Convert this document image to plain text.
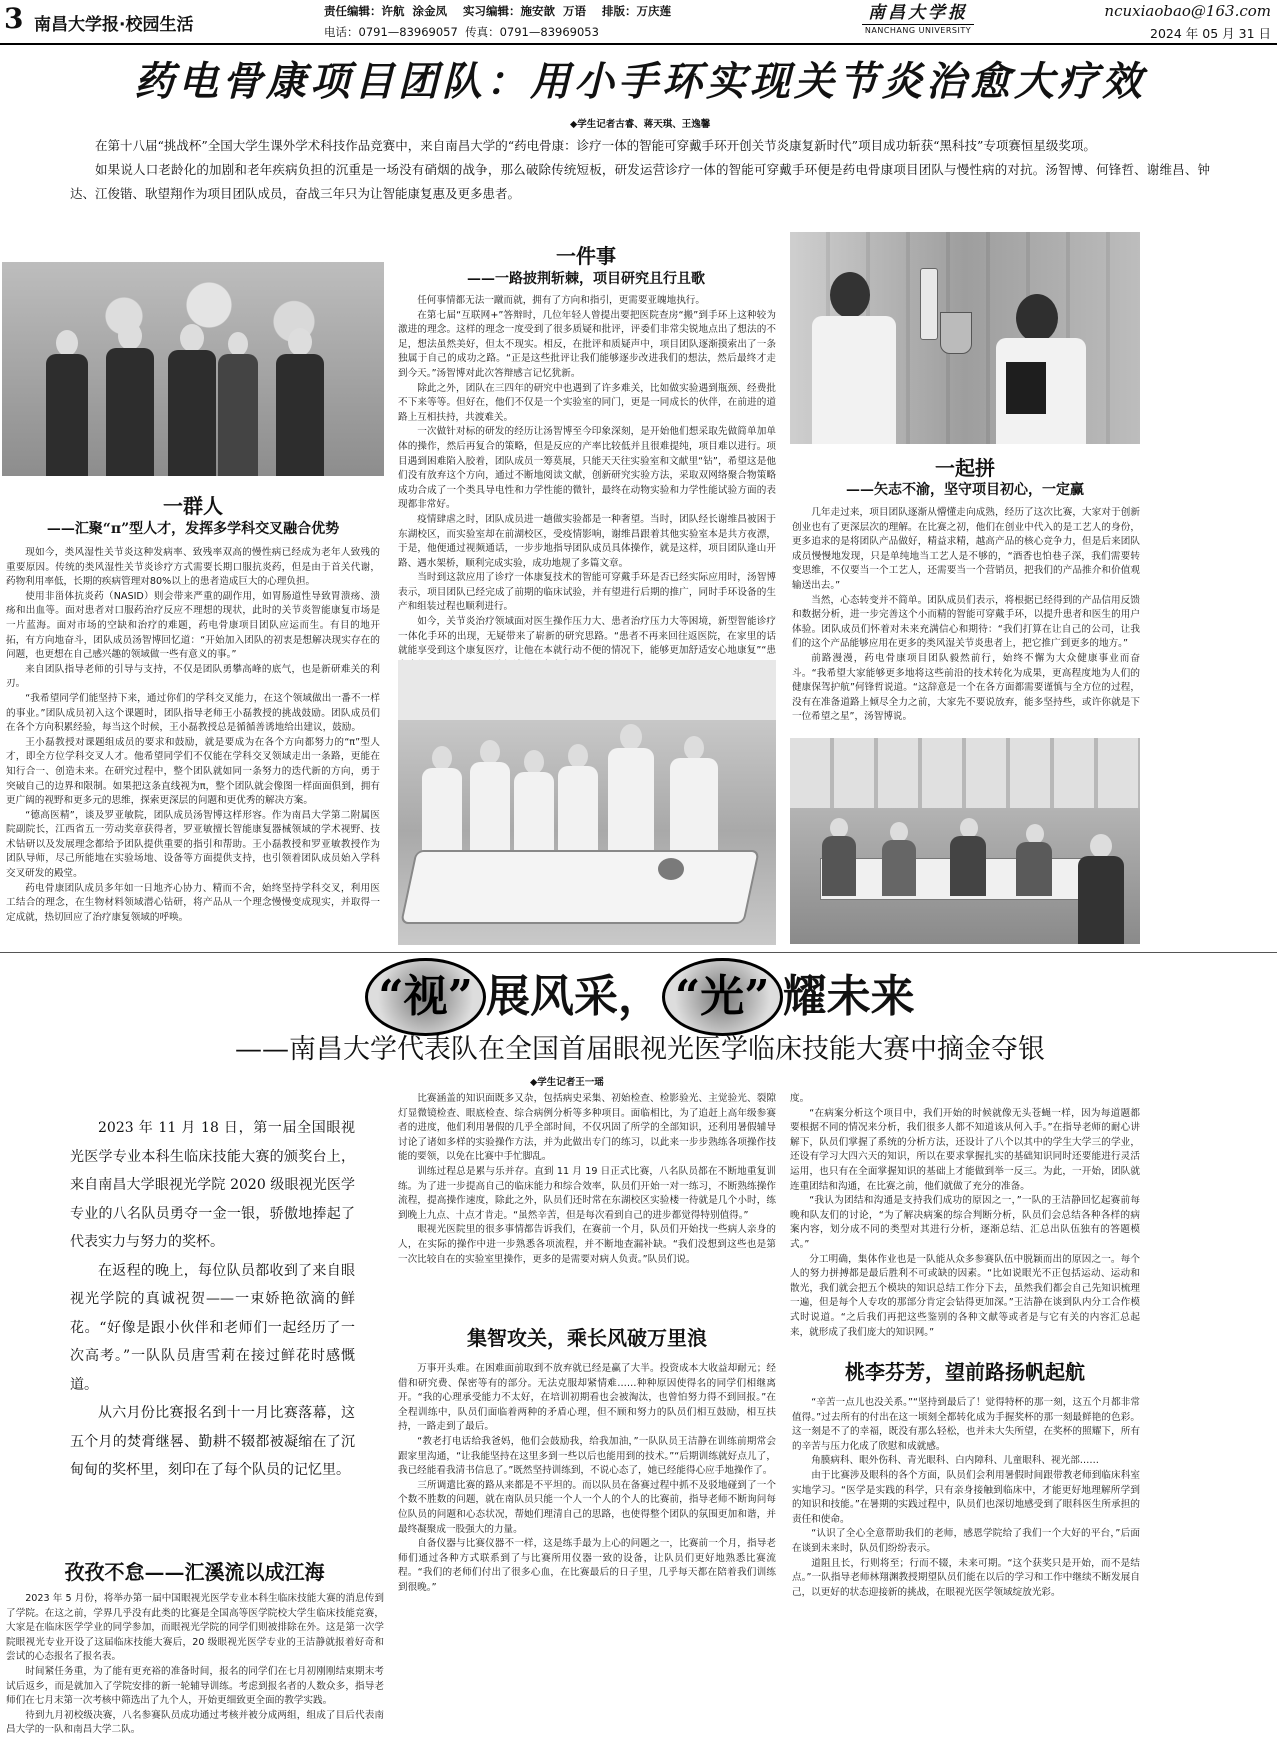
3 南昌大学报·校园生活
责任编辑：许航  涂金凤    实习编辑：施安歆  万语    排版：万庆莲
电话：0791—83969057  传真：0791—83969053
南昌大学报
NANCHANG UNIVERSITY
ncuxiaobao@163.com
2024 年 05 月 31 日
药电骨康项目团队：用小手环实现关节炎治愈大疗效
◆学生记者古睿、蒋天琪、王逸馨

在第十八届“挑战杯”全国大学生课外学术科技作品竞赛中，来自南昌大学的“药电骨康：诊疗一体的智能可穿戴手环开创关节炎康复新时代”项目成功斩获“黑科技”专项赛恒星级奖项。

如果说人口老龄化的加剧和老年疾病负担的沉重是一场没有硝烟的战争，那么破除传统短板，研发运营诊疗一体的智能可穿戴手环便是药电骨康项目团队与慢性病的对抗。汤智博、何锋哲、谢维昌、钟达、江俊锴、耿望翔作为项目团队成员，奋战三年只为让智能康复惠及更多患者。

一群人
——汇聚“π”型人才，发挥多学科交叉融合优势

现如今，类风湿性关节炎这种发病率、致残率双高的慢性病已经成为老年人致残的重要原因。传统的类风湿性关节炎诊疗方式需要长期口服抗炎药，但是由于首关代谢，药物利用率低，长期的疾病管理对80%以上的患者造成巨大的心理负担。

使用非甾体抗炎药（NASID）则会带来严重的副作用，如胃肠道性导致胃溃疡、溃疡和出血等。面对患者对口服药治疗反应不理想的现状，此时的关节炎智能康复市场是一片蓝海。面对市场的空缺和治疗的难题，药电骨康项目团队应运而生。有目的地开拓，有方向地奋斗，团队成员汤智博回忆道：“开始加入团队的初衷是想解决现实存在的问题，也更想在自己感兴趣的领域做一些有意义的事。”

来自团队指导老师的引导与支持，不仅是团队勇攀高峰的底气，也是新研难关的利刃。

“我希望同学们能坚持下来，通过你们的学科交叉能力，在这个领域做出一番不一样的事业。”团队成员初入这个课题时，团队指导老师王小磊教授的挑战鼓励。团队成员们在各个方向积累经验，每当这个时候，王小磊教授总是循循善诱地给出建议，鼓励。

王小磊教授对课题组成员的要求和鼓励，就是要成为在各个方向都努力的“π”型人才，即全方位学科交叉人才。他希望同学们不仅能在学科交叉领域走出一条路，更能在知行合一、创造未来。在研究过程中，整个团队就如同一条努力的迭代新的方向，勇于突破自己的边界和限制。如果把这条直线视为π，整个团队就会像图一样面面俱到，拥有更广阔的视野和更多元的思维，探索更深层的问题和更优秀的解决方案。

“德高医精”，谈及罗亚敏院，团队成员汤智博这样形容。作为南昌大学第二附属医院副院长，江西省五一劳动奖章获得者，罗亚敏擅长智能康复器械领域的学术视野、技术钻研以及发展理念都给予团队提供重要的指引和帮助。王小磊教授和罗亚敏教授作为团队导师，尽己所能地在实验场地、设备等方面提供支持，也引领着团队成员始入学科交叉研发的殿堂。

药电骨康团队成员多年如一日地齐心协力、精而不舍，始终坚持学科交叉，利用医工结合的理念，在生物材料领域潜心钻研，将产品从一个理念慢慢变成现实，并取得一定成就，热切回应了治疗康复领域的呼唤。

一件事
——一路披荆斩棘，项目研究且行且歌

任何事情都无法一蹴而就，拥有了方向和指引，更需要亚魄地执行。

在第七届“互联网+”答辩时，几位年轻人曾提出要把医院查房“搬”到手环上这种较为激进的理念。这样的理念一度受到了很多质疑和批评，评委们非常尖锐地点出了想法的不足，想法虽然美好，但太不现实。相反，在批评和质疑声中，项目团队逐渐摸索出了一条独属于自己的成功之路。“正是这些批评让我们能够逐步改进我们的想法，然后最终才走到今天。”汤智博对此次答辩感言记忆犹新。

除此之外，团队在三四年的研究中也遇到了许多难关，比如做实验遇到瓶颈、经费批不下来等等。但好在，他们不仅是一个实验室的同门，更是一同成长的伙伴，在前进的道路上互相扶持，共渡难关。

一次做针对标的研发的经历让汤智博至今印象深刻，是开始他们想采取先做简单加单体的操作，然后再复合的策略，但是反应的产率比较低并且很难提纯，项目难以进行。项目遇到困难陷入胶着，团队成员一筹莫展，只能天天往实验室和文献里“钻”，希望这是他们没有放弃这个方向，通过不断地阅读文献，创新研究实验方法，采取双网络聚合物策略成功合成了一个类具导电性和力学性能的微针，最终在动物实验和力学性能试验方面的表现都非常好。

疫情肆虐之时，团队成员进一趟做实验都是一种奢望。当时，团队经长谢维昌被困于东湖校区，而实验室却在前湖校区，受疫情影响，谢维昌跟着其他实验室本是共方夜漂，于是，他便通过视频通话，一步步地指导团队成员具体操作，就是这样，项目团队逢山开路、遇水架桥，顺利完成实验，成功地规了多篇文章。

当时到这款应用了诊疗一体康复技术的智能可穿戴手环是否已经实际应用时，汤智博表示，项目团队已经完成了前期的临床试验，并有望进行后期的推广，同时手环设备的生产和组装过程也顺利进行。

如今，关节炎治疗领域面对医生操作压力大、患者治疗压力大等困境，新型智能诊疗一体化手环的出现，无疑带来了崭新的研究思路。“患者不再来回往返医院，在家里的话就能享受到这个康复医疗，让他在本就行动不便的情况下，能够更加舒适安心地康复”“患

一起拼
——矢志不渝，坚守项目初心，一定赢

几年走过来，项目团队逐渐从懵懂走向成熟，经历了这次比赛，大家对于创新创业也有了更深层次的理解。在比赛之初，他们在创业中代入的是工艺人的身份，更多追求的是将团队产品做好，精益求精，越高产品的核心竞争力，但是后来团队成员慢慢地发现，只是单纯地当工艺人是不够的，“酒香也怕巷子深，我们需要转变思维，不仅要当一个工艺人，还需要当一个营销员，把我们的产品推介和价值观输送出去。”

当然，心态转变并不简单。团队成员们表示，将根据已经得到的产品信用反馈和数据分析，进一步完善这个小而精的智能可穿戴手环，以提升患者和医生的用户体验。团队成员们怀着对未来充满信心和期待：“我们打算在让自己的公司，让我们的这个产品能够应用在更多的类风湿关节炎患者上，把它推广到更多的地方。”

前路漫漫，药电骨康项目团队毅然前行，始终不懈为大众健康事业而奋斗。“我希望大家能够更多地将这些前沿的技术转化为成果，更高程度地为人们的健康保驾护航”何锋哲说道。“这辞意是一个在各方面都需要谨慎与全方位的过程，没有在准备道路上倾尽全力之前，大家先不要说放弃，能多坚持些，或许你就是下一位希望之星”，汤智博说。

“视” 展风采， “光” 耀未来
——南昌大学代表队在全国首届眼视光医学临床技能大赛中摘金夺银
◆学生记者王一瑶

2023 年 11 月 18 日，第一届全国眼视光医学专业本科生临床技能大赛的颁奖台上，来自南昌大学眼视光学院 2020 级眼视光医学专业的八名队员勇夺一金一银，骄傲地捧起了代表实力与努力的奖杯。

在返程的晚上，每位队员都收到了来自眼视光学院的真诚祝贺——一束娇艳欲滴的鲜花。“好像是跟小伙伴和老师们一起经历了一次高考。”一队队员唐雪莉在接过鲜花时感慨道。

从六月份比赛报名到十一月比赛落幕，这五个月的焚膏继晷、勤耕不辍都被凝缩在了沉甸甸的奖杯里，刻印在了每个队员的记忆里。

孜孜不怠——汇溪流以成江海

2023 年 5 月份，将举办第一届中国眼视光医学专业本科生临床技能大赛的消息传到了学院。在这之前，学界几乎没有此类的比赛是全国高等医学院校大学生临床技能竞赛，大家是在临床医学学业的同学参加，而眼视光学院的同学们则被排除在外。这是第一次学院眼视光专业开设了这届临床技能大赛后，20 级眼视光医学专业的王洁静就报着好奇和尝试的心态报名了报名表。

时间紧任务重，为了能有更充裕的准备时间，报名的同学们在七月初刚刚结束期末考试后返乡，而是就加入了学院安排的新一轮辅导训练。考虑到报名者的人数众多，指导老师们在七月末第一次考核中筛选出了九个人，开始更细致更全面的教学实践。

待到九月初校级决赛，八名参赛队员成功通过考核并被分成两组，组成了目后代表南昌大学的一队和南昌大学二队。

比赛涵盖的知识面既多又杂，包括病史采集、初始检查、检影验光、主觉验光、裂隙灯显微镜检查、眼底检查、综合病例分析等多种项目。面临相比，为了追赶上高年级参赛者的进度，他们利用暑假的几乎全部时间，不仅巩固了所学的全部知识，还利用暑假辅导讨论了诸如多样的实验操作方法，并为此做出专门的练习，以此来一步步熟练各项操作技能的要领，以免在比赛中手忙脚乱。

训练过程总是累与乐并存。直到 11 月 19 日正式比赛，八名队员都在不断地重复训练。为了进一步提高自己的临床能力和综合效率，队员们开始一对一练习，不断熟练操作流程，提高操作速度，除此之外，队员们还时常在东湖校区实验楼一待就是几个小时，练到晚上九点、十点才肯走。“虽然辛苦，但是每次看到自己的进步都觉得特别值得。”

眼视光医院里的很多事情都告诉我们，在赛前一个月，队员们开始找一些病人亲身的人，在实际的操作中进一步熟悉各项流程，并不断地查漏补缺。“我们没想到这些也是第一次比较自在的实验室里操作，更多的是需要对病人负责。”队员们说。

集智攻关，乘长风破万里浪

万事开头难。在困难面前取到不放弃就已经是赢了大半。投资成本大收益却耐元；经借和研究费、保密等有的部分。无法克服却紧情难……种种原因使得名的同学们相继离开。“我的心理承受能力不太好，在培训初期看也会被淘汰，也曾怕努力得不到回报。”在全程训练中，队员们面临着两种的矛盾心理，但不顾和努力的队员们相互鼓励，相互扶持，一路走到了最后。

“教老打电话给我爸妈，他们会鼓励我，给我加油，”一队队员王洁静在训练前期常会跟家里沟通，“让我能坚持在这里多到一些以后也能用到的技术。”“后期训练就好点儿了，我已经能看我清书信息了。”既然坚持训练到，不说心态了，她已经能得心应手地操作了。

三所调遣比赛的路从来都是不平坦的。而以队员在备赛过程中抓不及驳地碰到了一个个数不胜数的问题，就在南队员只能一个人一个人的个人的比赛前，指导老师不断询问每位队员的问题和心态状况，帮她们理清自己的思路，也使得整个团队的氛围更加和谐，并最终凝聚成一股强大的力量。

自备仪器与比赛仪器不一样，这是练手最为上心的问题之一，比赛前一个月，指导老师们通过各种方式联系到了与比赛所用仪器一致的设备，让队员们更好地熟悉比赛流程。“我们的老师们付出了很多心血，在比赛最后的日子里，几乎每天都在陪着我们训练到很晚。”

度。

“在病案分析这个项目中，我们开始的时候就像无头苍蝇一样，因为每道题都要根据不同的情况来分析，我们很多人都不知道该从何入手。”在指导老师的耐心讲解下，队员们掌握了系统的分析方法，还设计了八个以其中的学生大学三的学业，还设有学习大四六天的知识，所以在要求掌握扎实的基础知识同时还要能进行灵活运用，也只有在全面掌握知识的基础上才能做到举一反三。为此，一开始，团队就连重团结和沟通，在比赛之前，他们就做了充分的准备。

“我认为团结和沟通是支持我们成功的原因之一，”一队的王洁静回忆起赛前每晚和队友们的讨论，“为了解决病案的综合判断分析，队员们会总结各种各样的病案内容，划分成不同的类型对其进行分析，逐渐总结、汇总出队伍独有的答题模式。”

分工明确，集体作业也是一队能从众多参赛队伍中脱颖而出的原因之一。每个人的努力拼搏都是最后胜利不可或缺的因素。“比如说眼光不正包括运动、运动和散光，我们就会把五个模块的知识总结工作分下去，虽然我们都会自己先知识梳理一遍，但是每个人专攻的那部分肯定会钻得更加深。”王洁静在谈到队内分工合作模式时说道。“之后我们再把这些鉴别的各种文献等或者是与它有关的内容汇总起来，就形成了我们庞大的知识网。”

桃李芬芳，望前路扬帆起航

“辛苦一点儿也没关系。”“坚持到最后了！觉得特杯的那一刻，这五个月都非常值得。”过去所有的付出在这一顷刻全都转化成为手握奖杯的那一刻最鲜艳的色彩。这一刻是不了的幸福，既没有那么轻松，也并未大失所望，在奖杯的照耀下，所有的辛苦与压力化成了欣慰和成就感。

角膜病科、眼外伤科、青光眼科、白内障科、儿童眼科、视光部……

由于比赛涉及眼科的各个方面，队员们会利用暑假时间跟带教老师到临床科室实地学习。“医学是实践的科学，只有亲身接触到临床中，才能更好地理解所学到的知识和技能。”在暑期的实践过程中，队员们也深切地感受到了眼科医生所承担的责任和使命。

“认识了全心全意帮助我们的老师，感恩学院给了我们一个大好的平台，”后面在谈到未来时，队员们纷纷表示。

道阻且长，行则将至；行而不辍，未来可期。“这个获奖只是开始，而不是结点。”一队指导老师林翔渊教授期望队员们能在以后的学习和工作中继续不断发展自己，以更好的状态迎接新的挑战，在眼视光医学领域绽放光彩。
